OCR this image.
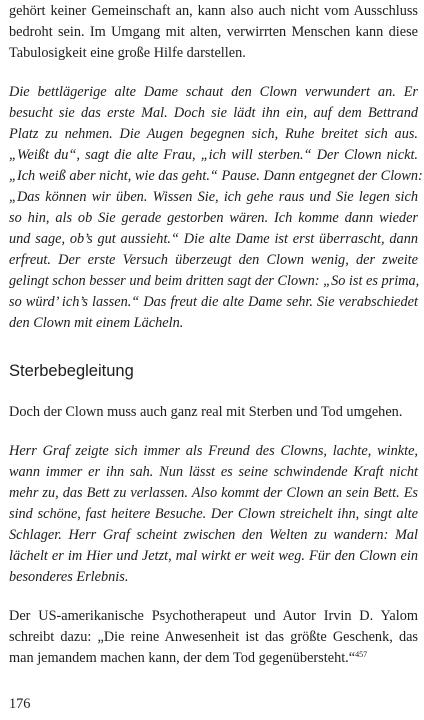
gehört keiner Gemeinschaft an, kann also auch nicht vom Ausschluss
bedroht sein. Im Umgang mit alten, verwirrten Menschen kann diese
Tabulosigkeit eine große Hilfe darstellen.
Die bettlägerige alte Dame schaut den Clown verwundert an. Er
besucht sie das erste Mal. Doch sie lädt ihn ein, auf dem Bettrand
Platz zu nehmen. Die Augen begegnen sich, Ruhe breitet sich aus.
„Weißt du“, sagt die alte Frau, „ich will sterben.“ Der Clown nickt.
„Ich weiß aber nicht, wie das geht.“ Pause. Dann entgegnet der Clown:
„Das können wir üben. Wissen Sie, ich gehe raus und Sie legen sich
so hin, als ob Sie gerade gestorben wären. Ich komme dann wieder
und sage, ob’s gut aussieht.“ Die alte Dame ist erst überrascht, dann
erfreut. Der erste Versuch überzeugt den Clown wenig, der zweite
gelingt schon besser und beim dritten sagt der Clown: „So ist es prima,
so würd’ ich’s lassen.“ Das freut die alte Dame sehr. Sie verabschiedet
den Clown mit einem Lächeln.
Sterbebegleitung
Doch der Clown muss auch ganz real mit Sterben und Tod umgehen.
Herr Graf zeigte sich immer als Freund des Clowns, lachte, winkte,
wann immer er ihn sah. Nun lässt es seine schwindende Kraft nicht
mehr zu, das Bett zu verlassen. Also kommt der Clown an sein Bett. Es
sind schöne, fast heitere Besuche. Der Clown streichelt ihn, singt alte
Schlager. Herr Graf scheint zwischen den Welten zu wandern: Mal
lächelt er im Hier und Jetzt, mal wirkt er weit weg. Für den Clown ein
besonderes Erlebnis.
Der US-amerikanische Psychotherapeut und Autor Irvin D. Yalom
schreibt dazu: „Die reine Anwesenheit ist das größte Geschenk, das
man jemandem machen kann, der dem Tod gegenübersteht.“$^{457}$
176
